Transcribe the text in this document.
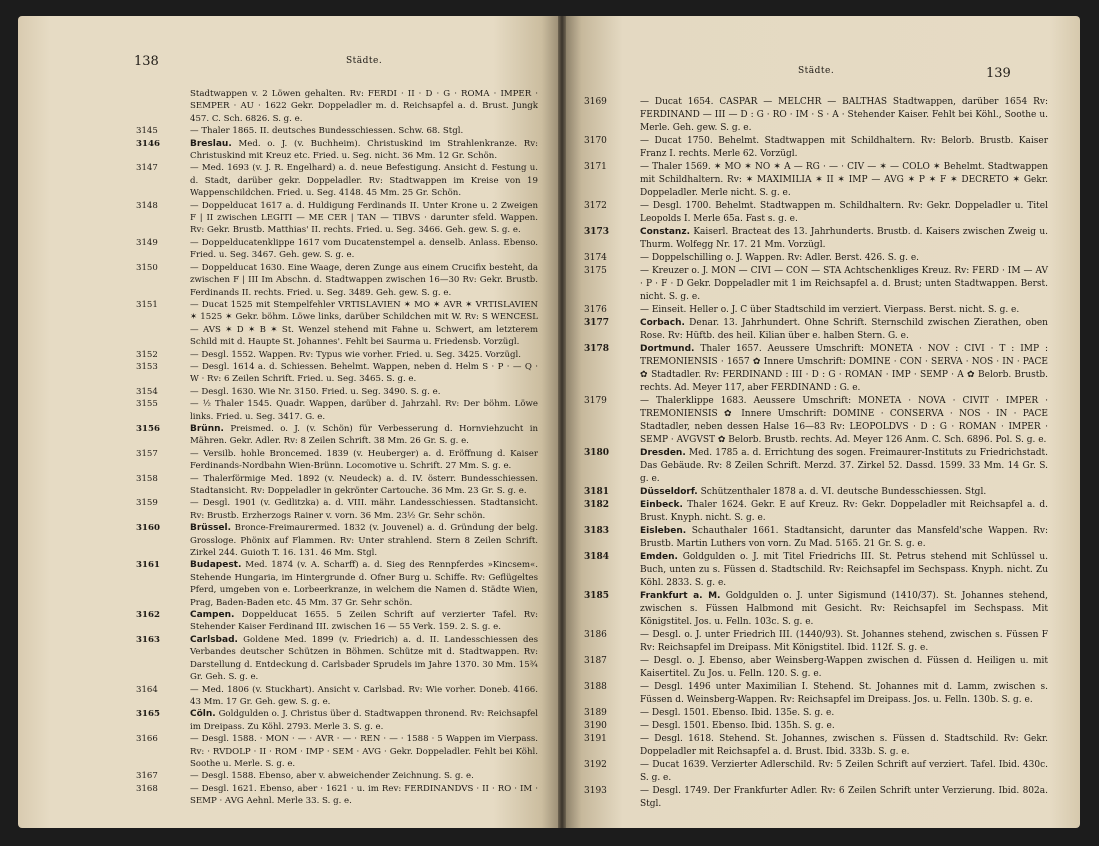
138	Städte.
Stadtwappen v. 2 Löwen gehalten. Rv: FERDI · II · D · G · ROMA · IMPER · SEMPER · AU · 1622 Gekr. Doppeladler m. d. Reichsapfel a. d. Brust. Jungk 457. C. Sch. 6826. S. g. e.
3145	— Thaler 1865. II. deutsches Bundesschiessen. Schw. 68. Stgl.
3146	Breslau. Med. o. J. (v. Buchheim). Christuskind im Strahlenkranze. Rv: Christuskind mit Kreuz etc. Fried. u. Seg. nicht. 36 Mm. 12 Gr. Schön.
3147	— Med. 1693 (v. J. R. Engelhard) a. d. neue Befestigung. Ansicht d. Festung u. d. Stadt, darüber gekr. Doppeladler. Rv: Stadtwappen im Kreise von 19 Wappenschildchen. Fried. u. Seg. 4148. 45 Mm. 25 Gr. Schön.
3148	— Doppelducat 1617 a. d. Huldigung Ferdinands II. Unter Krone u. 2 Zweigen F | II zwischen LEGITI — ME CER | TAN — TIBVS · darunter sfeld. Wappen. Rv: Gekr. Brustb. Matthias' II. rechts. Fried. u. Seg. 3466. Geh. gew. S. g. e.
3149	— Doppelducatenklippe 1617 vom Ducatenstempel a. denselb. Anlass. Ebenso. Fried. u. Seg. 3467. Geh. gew. S. g. e.
3150	— Doppelducat 1630. Eine Waage, deren Zunge aus einem Crucifix besteht, da zwischen F | III Im Abschn. d. Stadtwappen zwischen 16—30 Rv: Gekr. Brustb. Ferdinands II. rechts. Fried. u. Seg. 3489. Geh. gew. S. g. e.
3151	— Ducat 1525 mit Stempelfehler VRTISLAVIEN ✶ MO ✶ AVR ✶ VRTISLAVIEN ✶ 1525 ✶ Gekr. böhm. Löwe links, darüber Schildchen mit W. Rv: S WENCESL — AVS ✶ D ✶ B ✶ St. Wenzel stehend mit Fahne u. Schwert, am letzterem Schild mit d. Haupte St. Johannes'. Fehlt bei Saurma u. Friedensb. Vorzügl.
3152	— Desgl. 1552. Wappen. Rv: Typus wie vorher. Fried. u. Seg. 3425. Vorzügl.
3153	— Desgl. 1614 a. d. Schiessen. Behelmt. Wappen, neben d. Helm S · P · — Q · W · Rv: 6 Zeilen Schrift. Fried. u. Seg. 3465. S. g. e.
3154	— Desgl. 1630. Wie Nr. 3150. Fried. u. Seg. 3490. S. g. e.
3155	— ½ Thaler 1545. Quadr. Wappen, darüber d. Jahrzahl. Rv: Der böhm. Löwe links. Fried. u. Seg. 3417. G. e.
3156	Brünn. Preismed. o. J. (v. Schön) für Verbesserung d. Hornviehzucht in Mähren. Gekr. Adler. Rv: 8 Zeilen Schrift. 38 Mm. 26 Gr. S. g. e.
3157	— Versilb. hohle Broncemed. 1839 (v. Heuberger) a. d. Eröffnung d. Kaiser Ferdinands-Nordbahn Wien-Brünn. Locomotive u. Schrift. 27 Mm. S. g. e.
3158	— Thalerförmige Med. 1892 (v. Neudeck) a. d. IV. österr. Bundesschiessen. Stadtansicht. Rv: Doppeladler in gekrönter Cartouche. 36 Mm. 23 Gr. S. g. e.
3159	— Desgl. 1901 (v. Gedlitzka) a. d. VIII. mähr. Landesschiessen. Stadtansicht. Rv: Brustb. Erzherzogs Rainer v. vorn. 36 Mm. 23½ Gr. Sehr schön.
3160	Brüssel. Bronce-Freimaurermed. 1832 (v. Jouvenel) a. d. Gründung der belg. Grossloge. Phönix auf Flammen. Rv: Unter strahlend. Stern 8 Zeilen Schrift. Zirkel 244. Guioth T. 16. 131. 46 Mm. Stgl.
3161	Budapest. Med. 1874 (v. A. Scharff) a. d. Sieg des Rennpferdes »Kincsem«. Stehende Hungaria, im Hintergrunde d. Ofner Burg u. Schiffe. Rv: Geflügeltes Pferd, umgeben von e. Lorbeerkranze, in welchem die Namen d. Städte Wien, Prag, Baden-Baden etc. 45 Mm. 37 Gr. Sehr schön.
3162	Campen. Doppelducat 1655. 5 Zeilen Schrift auf verzierter Tafel. Rv: Stehender Kaiser Ferdinand III. zwischen 16 — 55 Verk. 159. 2. S. g. e.
3163	Carlsbad. Goldene Med. 1899 (v. Friedrich) a. d. II. Landesschiessen des Verbandes deutscher Schützen in Böhmen. Schütze mit d. Stadtwappen. Rv: Darstellung d. Entdeckung d. Carlsbader Sprudels im Jahre 1370. 30 Mm. 15¾ Gr. Geh. S. g. e.
3164	— Med. 1806 (v. Stuckhart). Ansicht v. Carlsbad. Rv: Wie vorher. Doneb. 4166. 43 Mm. 17 Gr. Geh. gew. S. g. e.
3165	Cöln. Goldgulden o. J. Christus über d. Stadtwappen thronend. Rv: Reichsapfel im Dreipass. Zu Köhl. 2793. Merle 3. S. g. e.
3166	— Desgl. 1588. · MON · — · AVR · — · REN · — · 1588 · 5 Wappen im Vierpass. Rv: · RVDOLP · II · ROM · IMP · SEM · AVG · Gekr. Doppeladler. Fehlt bei Köhl. Soothe u. Merle. S. g. e.
3167	— Desgl. 1588. Ebenso, aber v. abweichender Zeichnung. S. g. e.
3168	— Desgl. 1621. Ebenso, aber · 1621 · u. im Rev: FERDINANDVS · II · RO · IM · SEMP · AVG Aehnl. Merle 33. S. g. e.
Städte.	139
3169	— Ducat 1654. CASPAR — MELCHR — BALTHAS Stadtwappen, darüber 1654 Rv: FERDINAND — III — D : G · RO · IM · S · A · Stehender Kaiser. Fehlt bei Köhl., Soothe u. Merle. Geh. gew. S. g. e.
3170	— Ducat 1750. Behelmt. Stadtwappen mit Schildhaltern. Rv: Belorb. Brustb. Kaiser Franz I. rechts. Merle 62. Vorzügl.
3171	— Thaler 1569. ✶ MO ✶ NO ✶ A — RG · — · CIV — ✶ — COLO ✶ Behelmt. Stadtwappen mit Schildhaltern. Rv: ✶ MAXIMILIA ✶ II ✶ IMP — AVG ✶ P ✶ F ✶ DECRETO ✶ Gekr. Doppeladler. Merle nicht. S. g. e.
3172	— Desgl. 1700. Behelmt. Stadtwappen m. Schildhaltern. Rv: Gekr. Doppeladler u. Titel Leopolds I. Merle 65a. Fast s. g. e.
3173	Constanz. Kaiserl. Bracteat des 13. Jahrhunderts. Brustb. d. Kaisers zwischen Zweig u. Thurm. Wolfegg Nr. 17. 21 Mm. Vorzügl.
3174	— Doppelschilling o. J. Wappen. Rv: Adler. Berst. 426. S. g. e.
3175	— Kreuzer o. J. MON — CIVI — CON — STA Achtschenkliges Kreuz. Rv: FERD · IM — AV · P · F · D Gekr. Doppeladler mit 1 im Reichsapfel a. d. Brust; unten Stadtwappen. Berst. nicht. S. g. e.
3176	— Einseit. Heller o. J. C über Stadtschild im verziert. Vierpass. Berst. nicht. S. g. e.
3177	Corbach. Denar. 13. Jahrhundert. Ohne Schrift. Sternschild zwischen Zierathen, oben Rose. Rv: Hüftb. des heil. Kilian über e. halben Stern. G. e.
3178	Dortmund. Thaler 1657. Aeussere Umschrift: MONETA · NOV : CIVI · T : IMP : TREMONIENSIS · 1657 ✿ Innere Umschrift: DOMINE · CON · SERVA · NOS · IN · PACE ✿ Stadtadler. Rv: FERDINAND : III · D : G · ROMAN · IMP · SEMP · A ✿ Belorb. Brustb. rechts. Ad. Meyer 117, aber FERDINAND : G. e.
3179	— Thalerklippe 1683. Aeussere Umschrift: MONETA · NOVA · CIVIT · IMPER · TREMONIENSIS ✿ Innere Umschrift: DOMINE · CONSERVA · NOS · IN · PACE Stadtadler, neben dessen Halse 16—83 Rv: LEOPOLDVS · D : G · ROMAN · IMPER · SEMP · AVGVST ✿ Belorb. Brustb. rechts. Ad. Meyer 126 Anm. C. Sch. 6896. Pol. S. g. e.
3180	Dresden. Med. 1785 a. d. Errichtung des sogen. Freimaurer-Instituts zu Friedrichstadt. Das Gebäude. Rv: 8 Zeilen Schrift. Merzd. 37. Zirkel 52. Dassd. 1599. 33 Mm. 14 Gr. S. g. e.
3181	Düsseldorf. Schützenthaler 1878 a. d. VI. deutsche Bundesschiessen. Stgl.
3182	Einbeck. Thaler 1624. Gekr. E auf Kreuz. Rv: Gekr. Doppeladler mit Reichsapfel a. d. Brust. Knyph. nicht. S. g. e.
3183	Eisleben. Schauthaler 1661. Stadtansicht, darunter das Mansfeld'sche Wappen. Rv: Brustb. Martin Luthers von vorn. Zu Mad. 5165. 21 Gr. S. g. e.
3184	Emden. Goldgulden o. J. mit Titel Friedrichs III. St. Petrus stehend mit Schlüssel u. Buch, unten zu s. Füssen d. Stadtschild. Rv: Reichsapfel im Sechspass. Knyph. nicht. Zu Köhl. 2833. S. g. e.
3185	Frankfurt a. M. Goldgulden o. J. unter Sigismund (1410/37). St. Johannes stehend, zwischen s. Füssen Halbmond mit Gesicht. Rv: Reichsapfel im Sechspass. Mit Königstitel. Jos. u. Felln. 103c. S. g. e.
3186	— Desgl. o. J. unter Friedrich III. (1440/93). St. Johannes stehend, zwischen s. Füssen F Rv: Reichsapfel im Dreipass. Mit Königstitel. Ibid. 112f. S. g. e.
3187	— Desgl. o. J. Ebenso, aber Weinsberg-Wappen zwischen d. Füssen d. Heiligen u. mit Kaisertitel. Zu Jos. u. Felln. 120. S. g. e.
3188	— Desgl. 1496 unter Maximilian I. Stehend. St. Johannes mit d. Lamm, zwischen s. Füssen d. Weinsberg-Wappen. Rv: Reichsapfel im Dreipass. Jos. u. Felln. 130b. S. g. e.
3189	— Desgl. 1501. Ebenso. Ibid. 135e. S. g. e.
3190	— Desgl. 1501. Ebenso. Ibid. 135h. S. g. e.
3191	— Desgl. 1618. Stehend. St. Johannes, zwischen s. Füssen d. Stadtschild. Rv: Gekr. Doppeladler mit Reichsapfel a. d. Brust. Ibid. 333b. S. g. e.
3192	— Ducat 1639. Verzierter Adlerschild. Rv: 5 Zeilen Schrift auf verziert. Tafel. Ibid. 430c. S. g. e.
3193	— Desgl. 1749. Der Frankfurter Adler. Rv: 6 Zeilen Schrift unter Verzierung. Ibid. 802a. Stgl.
